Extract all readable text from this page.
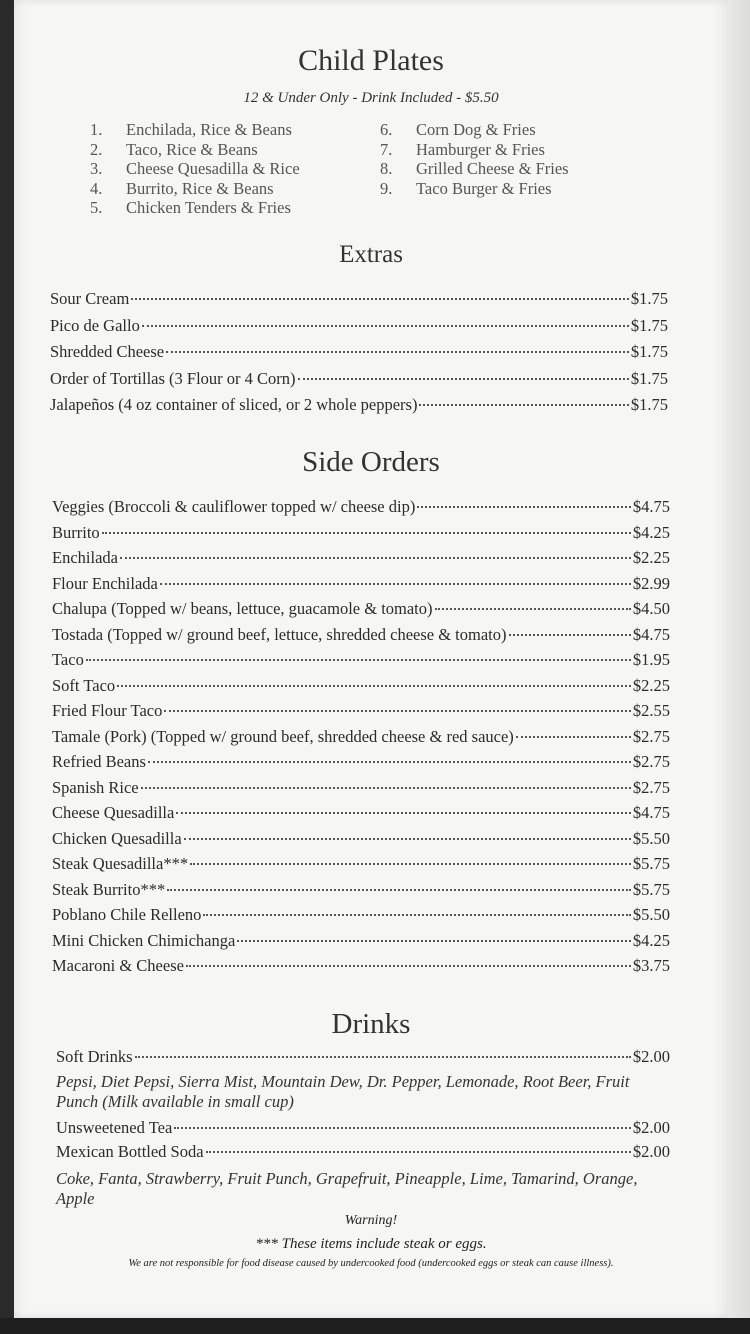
Child Plates
12 & Under Only - Drink Included - $5.50
1. Enchilada, Rice & Beans
2. Taco, Rice & Beans
3. Cheese Quesadilla & Rice
4. Burrito, Rice & Beans
5. Chicken Tenders & Fries
6. Corn Dog & Fries
7. Hamburger & Fries
8. Grilled Cheese & Fries
9. Taco Burger & Fries
Extras
Sour Cream	$1.75
Pico de Gallo	$1.75
Shredded Cheese	$1.75
Order of Tortillas (3 Flour or 4 Corn)	$1.75
Jalapeños (4 oz container of sliced, or 2 whole peppers)	$1.75
Side Orders
Veggies (Broccoli & cauliflower topped w/ cheese dip)	$4.75
Burrito	$4.25
Enchilada	$2.25
Flour Enchilada	$2.99
Chalupa (Topped w/ beans, lettuce, guacamole & tomato)	$4.50
Tostada (Topped w/ ground beef, lettuce, shredded cheese & tomato)	$4.75
Taco	$1.95
Soft Taco	$2.25
Fried Flour Taco	$2.55
Tamale (Pork) (Topped w/ ground beef, shredded cheese & red sauce)	$2.75
Refried Beans	$2.75
Spanish Rice	$2.75
Cheese Quesadilla	$4.75
Chicken Quesadilla	$5.50
Steak Quesadilla***	$5.75
Steak Burrito***	$5.75
Poblano Chile Relleno	$5.50
Mini Chicken Chimichanga	$4.25
Macaroni & Cheese	$3.75
Drinks
Soft Drinks	$2.00
Pepsi, Diet Pepsi, Sierra Mist, Mountain Dew, Dr. Pepper, Lemonade, Root Beer, Fruit Punch (Milk available in small cup)
Unsweetened Tea	$2.00
Mexican Bottled Soda	$2.00
Coke, Fanta, Strawberry, Fruit Punch, Grapefruit, Pineapple, Lime, Tamarind, Orange, Apple
Warning!
*** These items include steak or eggs.
We are not responsible for food disease caused by undercooked food (undercooked eggs or steak can cause illness).
